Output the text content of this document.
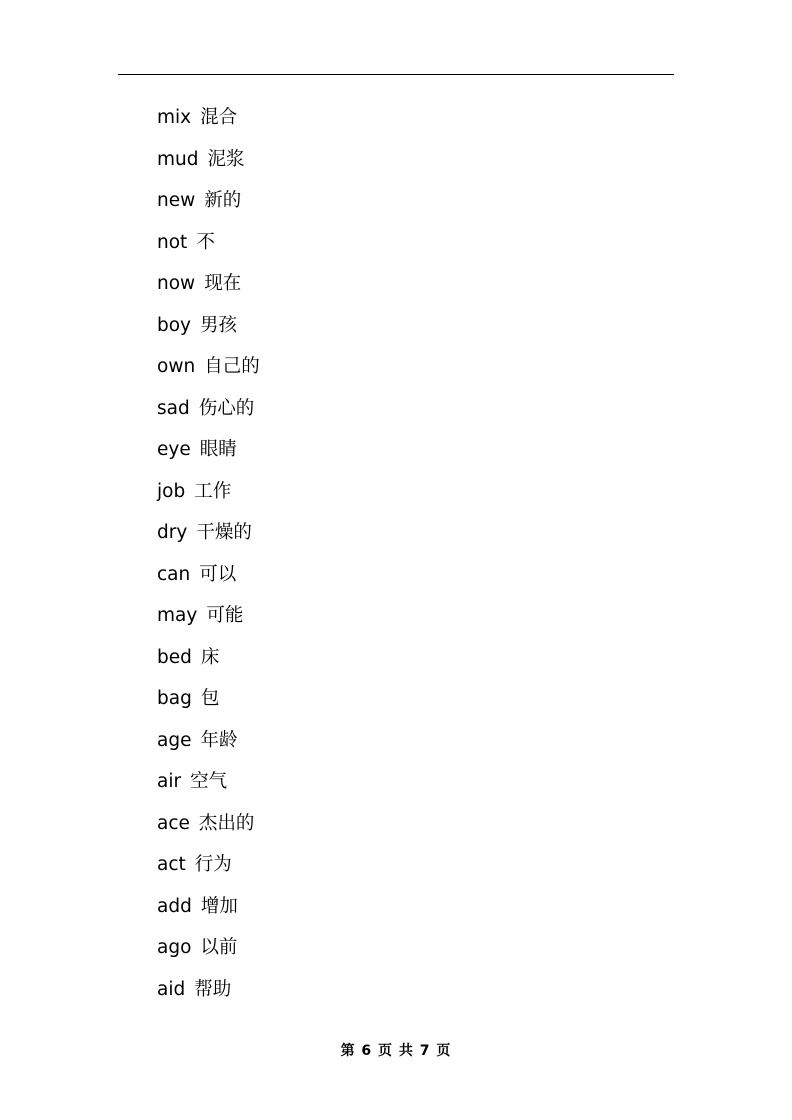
mix 混合
mud 泥浆
new 新的
not 不
now 现在
boy 男孩
own 自己的
sad 伤心的
eye 眼睛
job 工作
dry 干燥的
can 可以
may 可能
bed 床
bag 包
age 年龄
air 空气
ace 杰出的
act 行为
add 增加
ago 以前
aid 帮助
第 6 页 共 7 页
